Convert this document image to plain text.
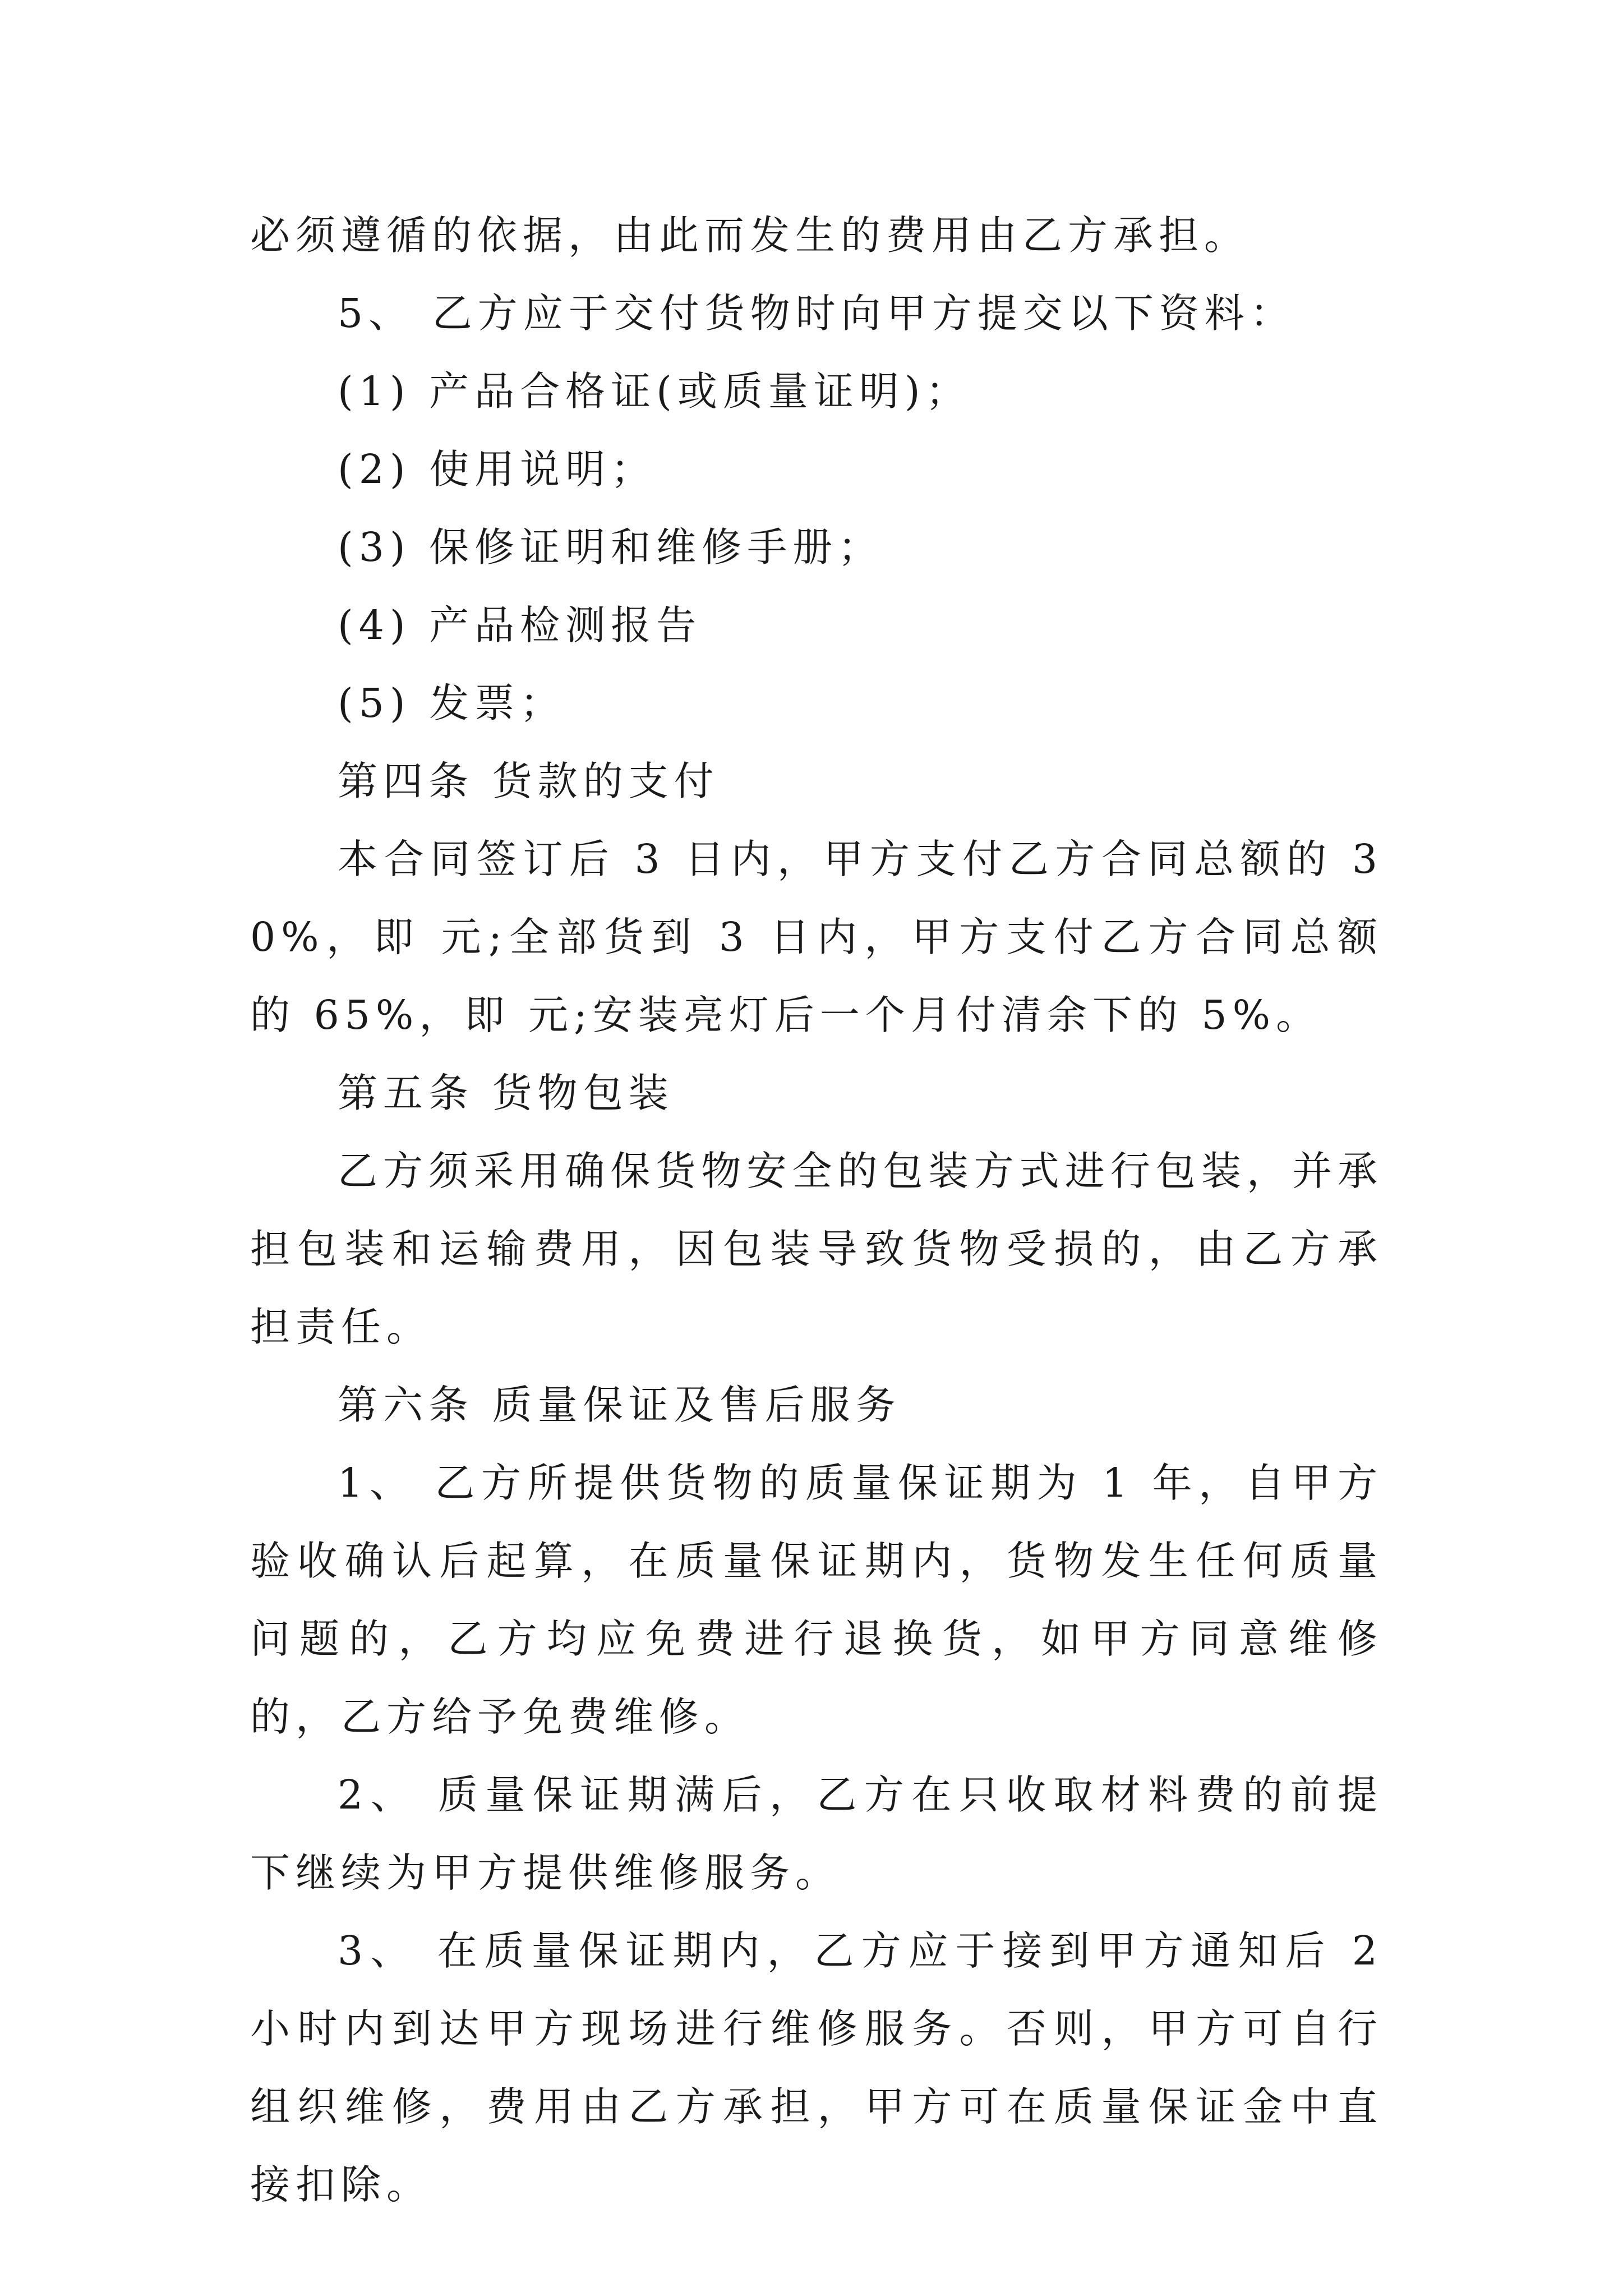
必须遵循的依据，由此而发生的费用由乙方承担。

5、 乙方应于交付货物时向甲方提交以下资料：

(1) 产品合格证(或质量证明)；

(2) 使用说明；

(3) 保修证明和维修手册；

(4) 产品检测报告

(5) 发票；

第四条 货款的支付

本合同签订后 3 日内，甲方支付乙方合同总额的 30%，即 元;全部货到 3 日内，甲方支付乙方合同总额的 65%，即 元;安装亮灯后一个月付清余下的 5%。

第五条 货物包装

乙方须采用确保货物安全的包装方式进行包装，并承担包装和运输费用，因包装导致货物受损的，由乙方承担责任。

第六条 质量保证及售后服务

1、 乙方所提供货物的质量保证期为 1 年，自甲方验收确认后起算，在质量保证期内，货物发生任何质量问题的，乙方均应免费进行退换货，如甲方同意维修的，乙方给予免费维修。

2、 质量保证期满后，乙方在只收取材料费的前提下继续为甲方提供维修服务。

3、 在质量保证期内，乙方应于接到甲方通知后 2 小时内到达甲方现场进行维修服务。否则，甲方可自行组织维修，费用由乙方承担，甲方可在质量保证金中直接扣除。
